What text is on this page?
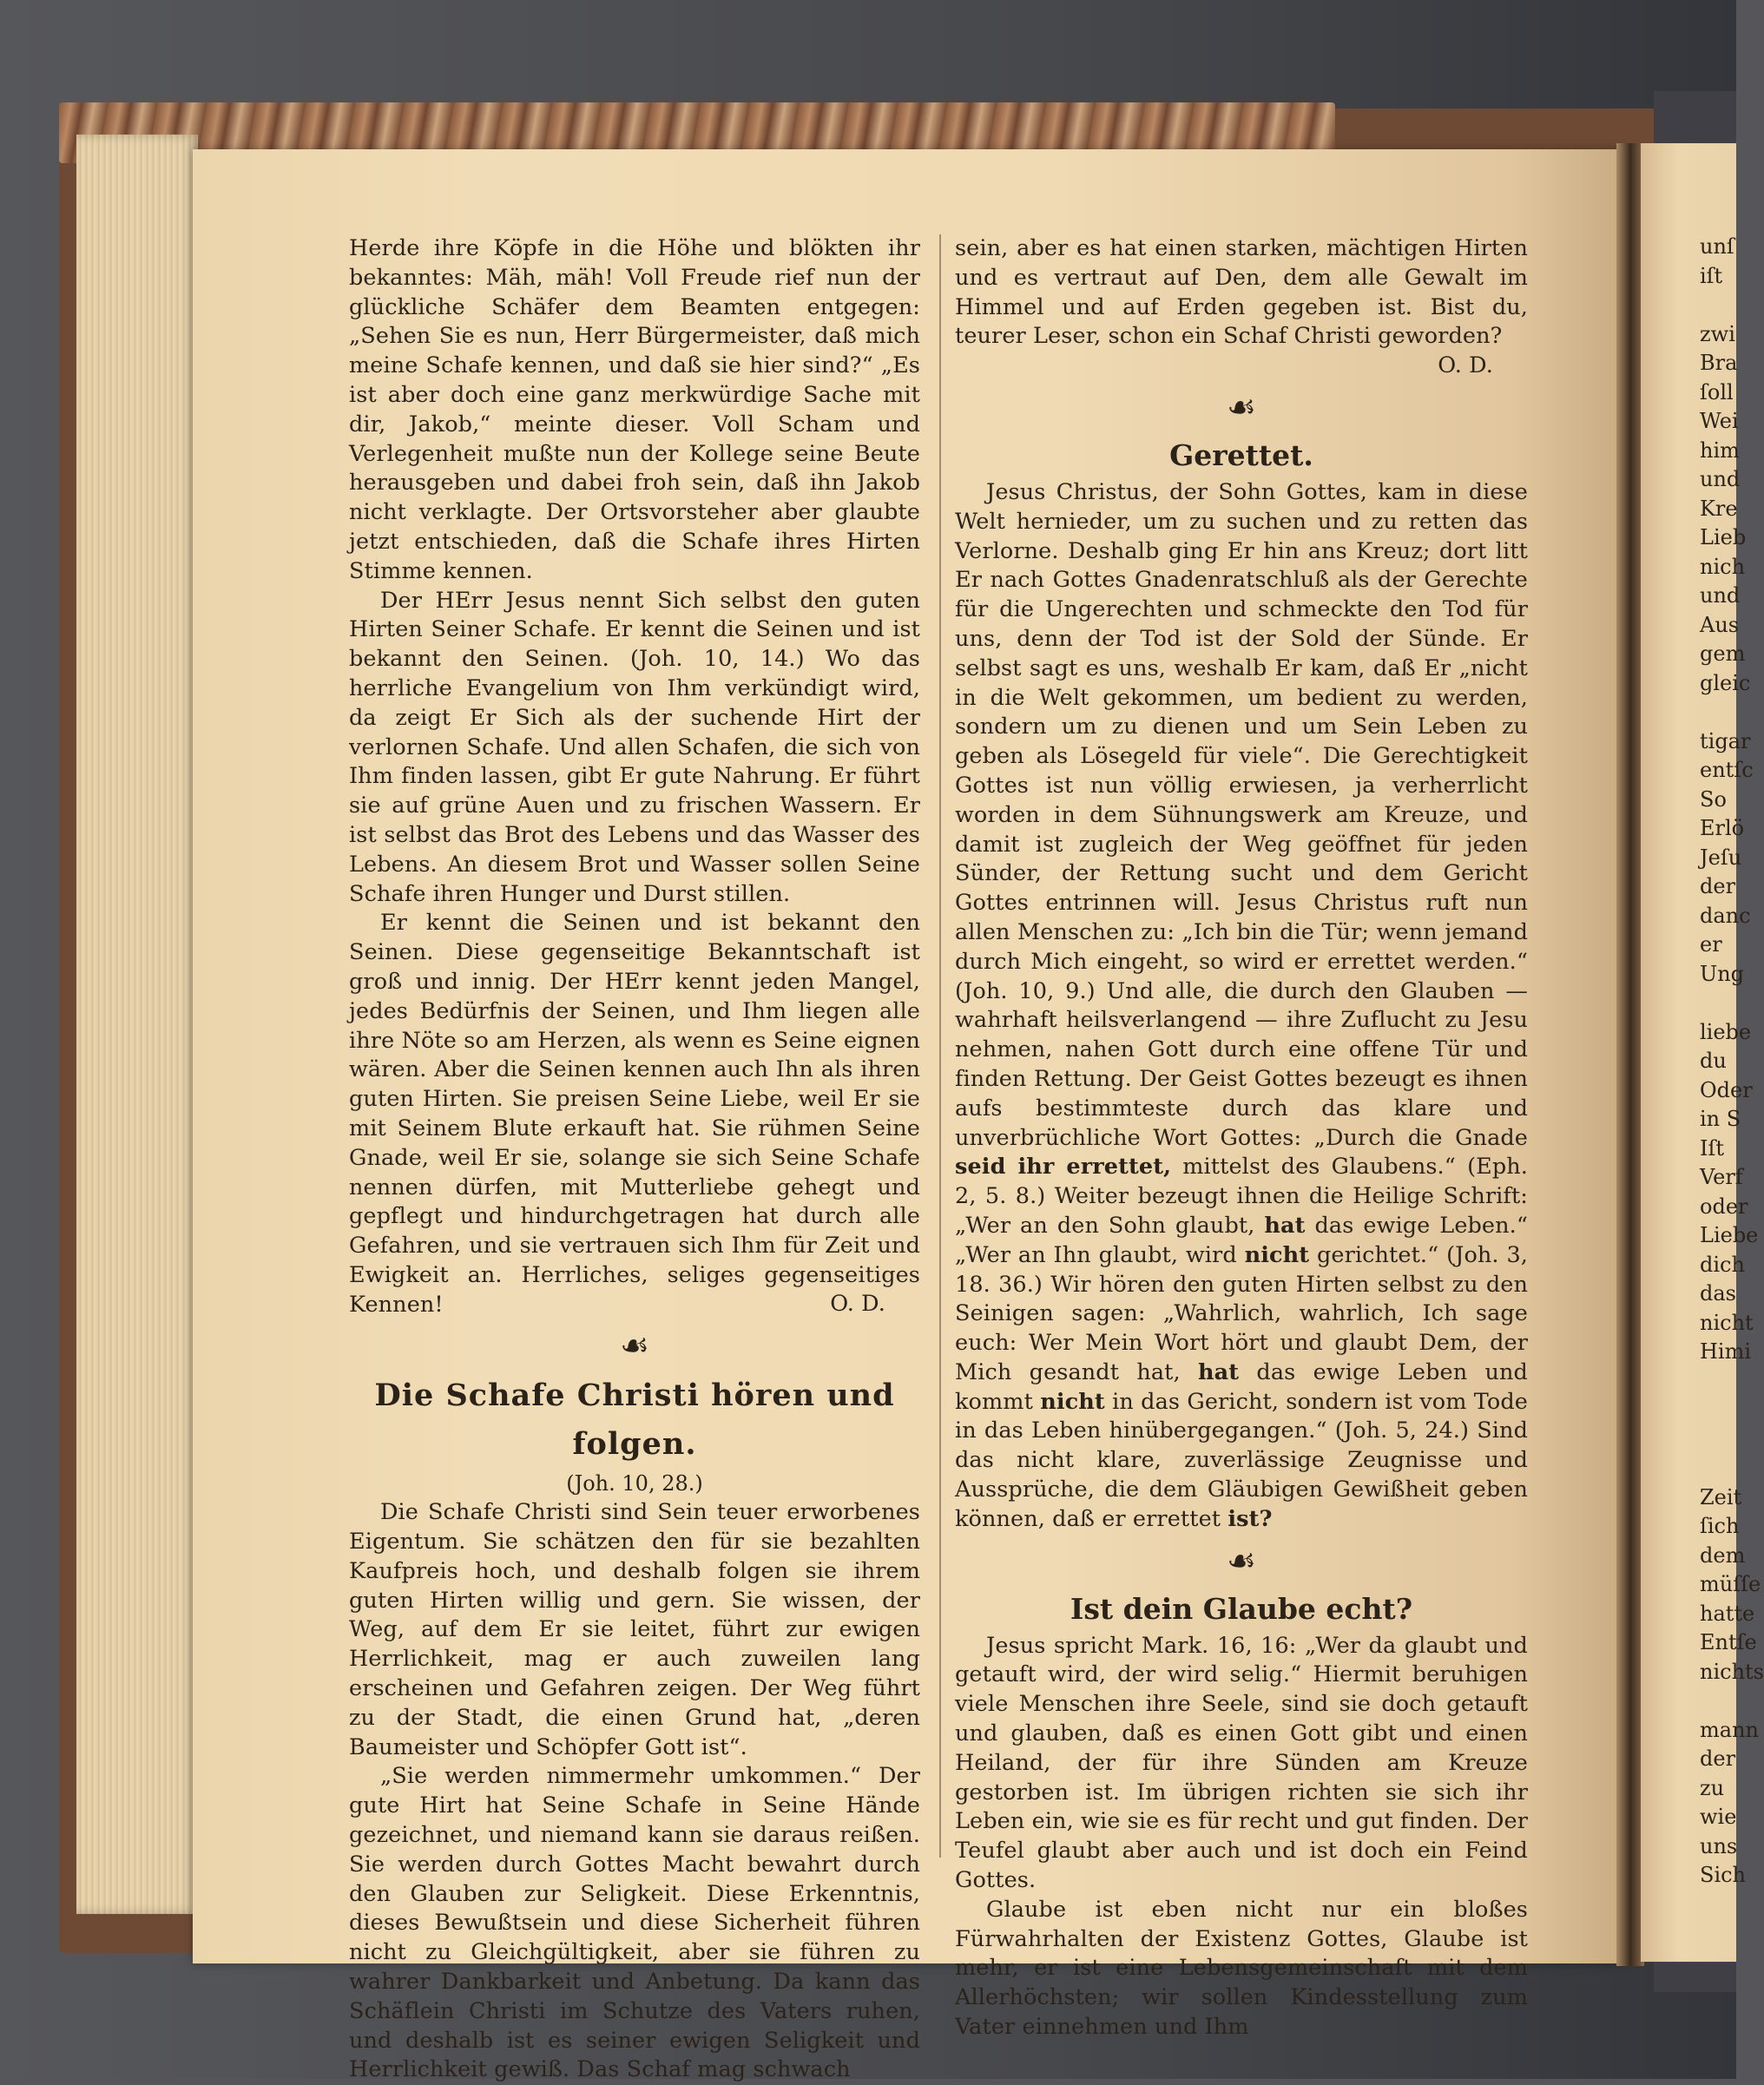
Herde ihre Köpfe in die Höhe und blökten ihr bekanntes: Mäh, mäh! Voll Freude rief nun der glückliche Schäfer dem Beamten entgegen: „Sehen Sie es nun, Herr Bürgermeister, daß mich meine Schafe kennen, und daß sie hier sind?“ „Es ist aber doch eine ganz merkwürdige Sache mit dir, Jakob,“ meinte dieser. Voll Scham und Verlegenheit mußte nun der Kollege seine Beute herausgeben und dabei froh sein, daß ihn Jakob nicht verklagte. Der Ortsvorsteher aber glaubte jetzt entschieden, daß die Schafe ihres Hirten Stimme kennen.

Der HErr Jesus nennt Sich selbst den guten Hirten Seiner Schafe. Er kennt die Seinen und ist bekannt den Seinen. (Joh. 10, 14.) Wo das herrliche Evangelium von Ihm verkündigt wird, da zeigt Er Sich als der suchende Hirt der verlornen Schafe. Und allen Schafen, die sich von Ihm finden lassen, gibt Er gute Nahrung. Er führt sie auf grüne Auen und zu frischen Wassern. Er ist selbst das Brot des Lebens und das Wasser des Lebens. An diesem Brot und Wasser sollen Seine Schafe ihren Hunger und Durst stillen.

Er kennt die Seinen und ist bekannt den Seinen. Diese gegenseitige Bekanntschaft ist groß und innig. Der HErr kennt jeden Mangel, jedes Bedürfnis der Seinen, und Ihm liegen alle ihre Nöte so am Herzen, als wenn es Seine eignen wären. Aber die Seinen kennen auch Ihn als ihren guten Hirten. Sie preisen Seine Liebe, weil Er sie mit Seinem Blute erkauft hat. Sie rühmen Seine Gnade, weil Er sie, solange sie sich Seine Schafe nennen dürfen, mit Mutterliebe gehegt und gepflegt und hindurchgetragen hat durch alle Gefahren, und sie vertrauen sich Ihm für Zeit und Ewigkeit an. Herrliches, seliges gegenseitiges Kennen!	O. D.

☙
Die Schafe Christi hören und folgen.
(Joh. 10, 28.)

Die Schafe Christi sind Sein teuer erworbenes Eigentum. Sie schätzen den für sie bezahlten Kaufpreis hoch, und deshalb folgen sie ihrem guten Hirten willig und gern. Sie wissen, der Weg, auf dem Er sie leitet, führt zur ewigen Herrlichkeit, mag er auch zuweilen lang erscheinen und Gefahren zeigen. Der Weg führt zu der Stadt, die einen Grund hat, „deren Baumeister und Schöpfer Gott ist“.

„Sie werden nimmermehr umkommen.“ Der gute Hirt hat Seine Schafe in Seine Hände gezeichnet, und niemand kann sie daraus reißen. Sie werden durch Gottes Macht bewahrt durch den Glauben zur Seligkeit. Diese Erkenntnis, dieses Bewußtsein und diese Sicherheit führen nicht zu Gleichgültigkeit, aber sie führen zu wahrer Dankbarkeit und Anbetung. Da kann das Schäflein Christi im Schutze des Vaters ruhen, und deshalb ist es seiner ewigen Seligkeit und Herrlichkeit gewiß. Das Schaf mag schwach

sein, aber es hat einen starken, mächtigen Hirten und es vertraut auf Den, dem alle Gewalt im Himmel und auf Erden gegeben ist. Bist du, teurer Leser, schon ein Schaf Christi geworden?
O. D.

☙
Gerettet.

Jesus Christus, der Sohn Gottes, kam in diese Welt hernieder, um zu suchen und zu retten das Verlorne. Deshalb ging Er hin ans Kreuz; dort litt Er nach Gottes Gnadenratschluß als der Gerechte für die Ungerechten und schmeckte den Tod für uns, denn der Tod ist der Sold der Sünde. Er selbst sagt es uns, weshalb Er kam, daß Er „nicht in die Welt gekommen, um bedient zu werden, sondern um zu dienen und um Sein Leben zu geben als Lösegeld für viele“. Die Gerechtigkeit Gottes ist nun völlig erwiesen, ja verherrlicht worden in dem Sühnungswerk am Kreuze, und damit ist zugleich der Weg geöffnet für jeden Sünder, der Rettung sucht und dem Gericht Gottes entrinnen will. Jesus Christus ruft nun allen Menschen zu: „Ich bin die Tür; wenn jemand durch Mich eingeht, so wird er errettet werden.“ (Joh. 10, 9.) Und alle, die durch den Glauben — wahrhaft heilsverlangend — ihre Zuflucht zu Jesu nehmen, nahen Gott durch eine offene Tür und finden Rettung. Der Geist Gottes bezeugt es ihnen aufs bestimmteste durch das klare und unverbrüchliche Wort Gottes: „Durch die Gnade seid ihr errettet, mittelst des Glaubens.“ (Eph. 2, 5. 8.) Weiter bezeugt ihnen die Heilige Schrift: „Wer an den Sohn glaubt, hat das ewige Leben.“ „Wer an Ihn glaubt, wird nicht gerichtet.“ (Joh. 3, 18. 36.) Wir hören den guten Hirten selbst zu den Seinigen sagen: „Wahrlich, wahrlich, Ich sage euch: Wer Mein Wort hört und glaubt Dem, der Mich gesandt hat, hat das ewige Leben und kommt nicht in das Gericht, sondern ist vom Tode in das Leben hinübergegangen.“ (Joh. 5, 24.) Sind das nicht klare, zuverlässige Zeugnisse und Aussprüche, die dem Gläubigen Gewißheit geben können, daß er errettet ist?

☙
Ist dein Glaube echt?

Jesus spricht Mark. 16, 16: „Wer da glaubt und getauft wird, der wird selig.“ Hiermit beruhigen viele Menschen ihre Seele, sind sie doch getauft und glauben, daß es einen Gott gibt und einen Heiland, der für ihre Sünden am Kreuze gestorben ist. Im übrigen richten sie sich ihr Leben ein, wie sie es für recht und gut finden. Der Teufel glaubt aber auch und ist doch ein Feind Gottes.

Glaube ist eben nicht nur ein bloßes Fürwahrhalten der Existenz Gottes, Glaube ist mehr, er ist eine Lebensgemeinschaft mit dem Allerhöchsten; wir sollen Kindesstellung zum Vater einnehmen und Ihm

unſ
iſt
zwi
Bra
ſoll
Wei
him
und
Kre
Lieb
nich
und
Aus
gem
gleic
tigar
entſc
So
Erlö
Jeſu
der
danc
er
Ung
liebe
du
Oder
in S
Iſt
Verf
oder
Liebe
dich
das
nicht
Himi
Zeit
ſich
dem
müſſe
hatte
Entſe
nichts
mann
der
zu
wie
uns
Sich
